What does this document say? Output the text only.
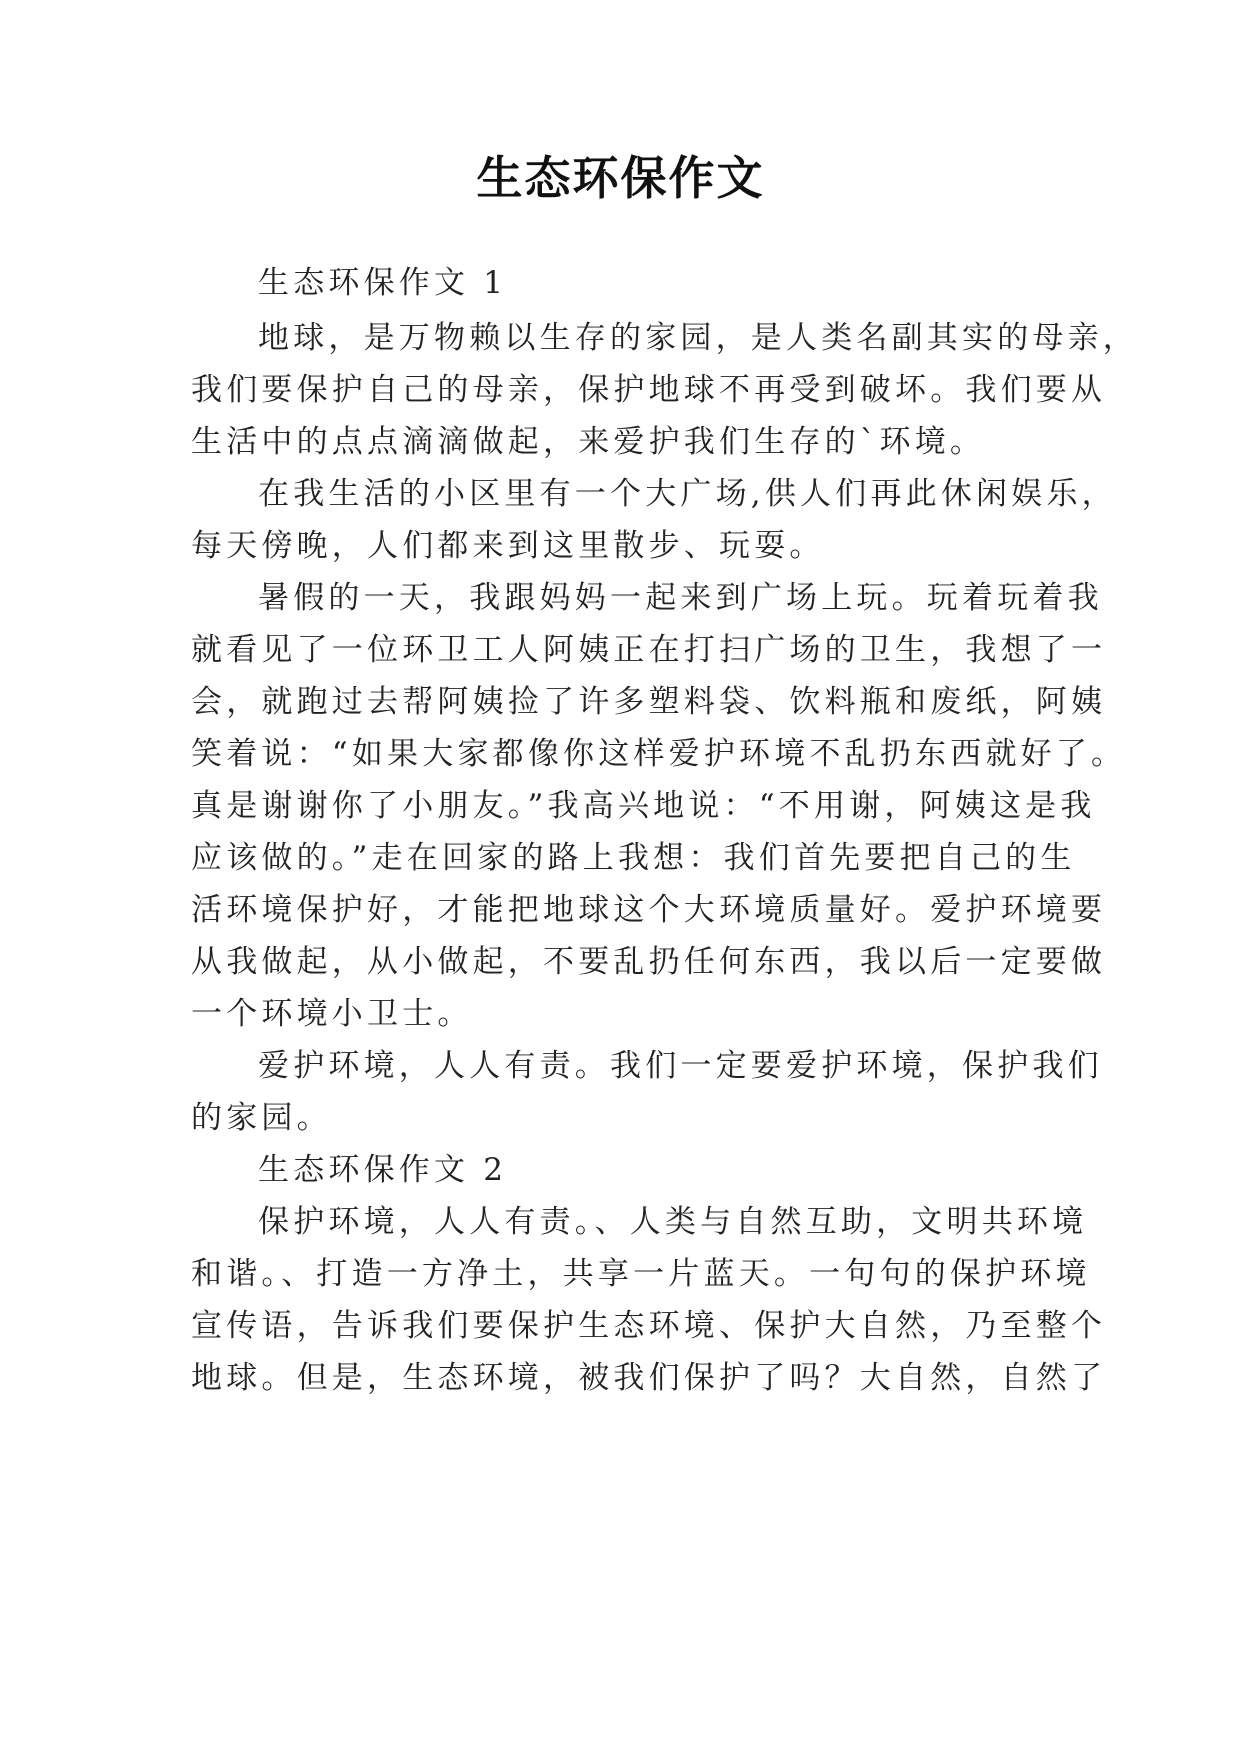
生态环保作文

生态环保作文 1

地球，是万物赖以生存的家园，是人类名副其实的母亲，

我们要保护自己的母亲，保护地球不再受到破坏。我们要从

生活中的点点滴滴做起，来爱护我们生存的`环境。

在我生活的小区里有一个大广场,供人们再此休闲娱乐，

每天傍晚，人们都来到这里散步、玩耍。

暑假的一天，我跟妈妈一起来到广场上玩。玩着玩着我

就看见了一位环卫工人阿姨正在打扫广场的卫生，我想了一

会，就跑过去帮阿姨捡了许多塑料袋、饮料瓶和废纸，阿姨

笑着说：“如果大家都像你这样爱护环境不乱扔东西就好了。

真是谢谢你了小朋友。”我高兴地说：“不用谢，阿姨这是我

应该做的。”走在回家的路上我想：我们首先要把自己的生

活环境保护好，才能把地球这个大环境质量好。爱护环境要

从我做起，从小做起，不要乱扔任何东西，我以后一定要做

一个环境小卫士。

爱护环境，人人有责。我们一定要爱护环境，保护我们

的家园。

生态环保作文 2

保护环境，人人有责。、人类与自然互助，文明共环境

和谐。、打造一方净土，共享一片蓝天。一句句的保护环境

宣传语，告诉我们要保护生态环境、保护大自然，乃至整个

地球。但是，生态环境，被我们保护了吗？大自然，自然了
